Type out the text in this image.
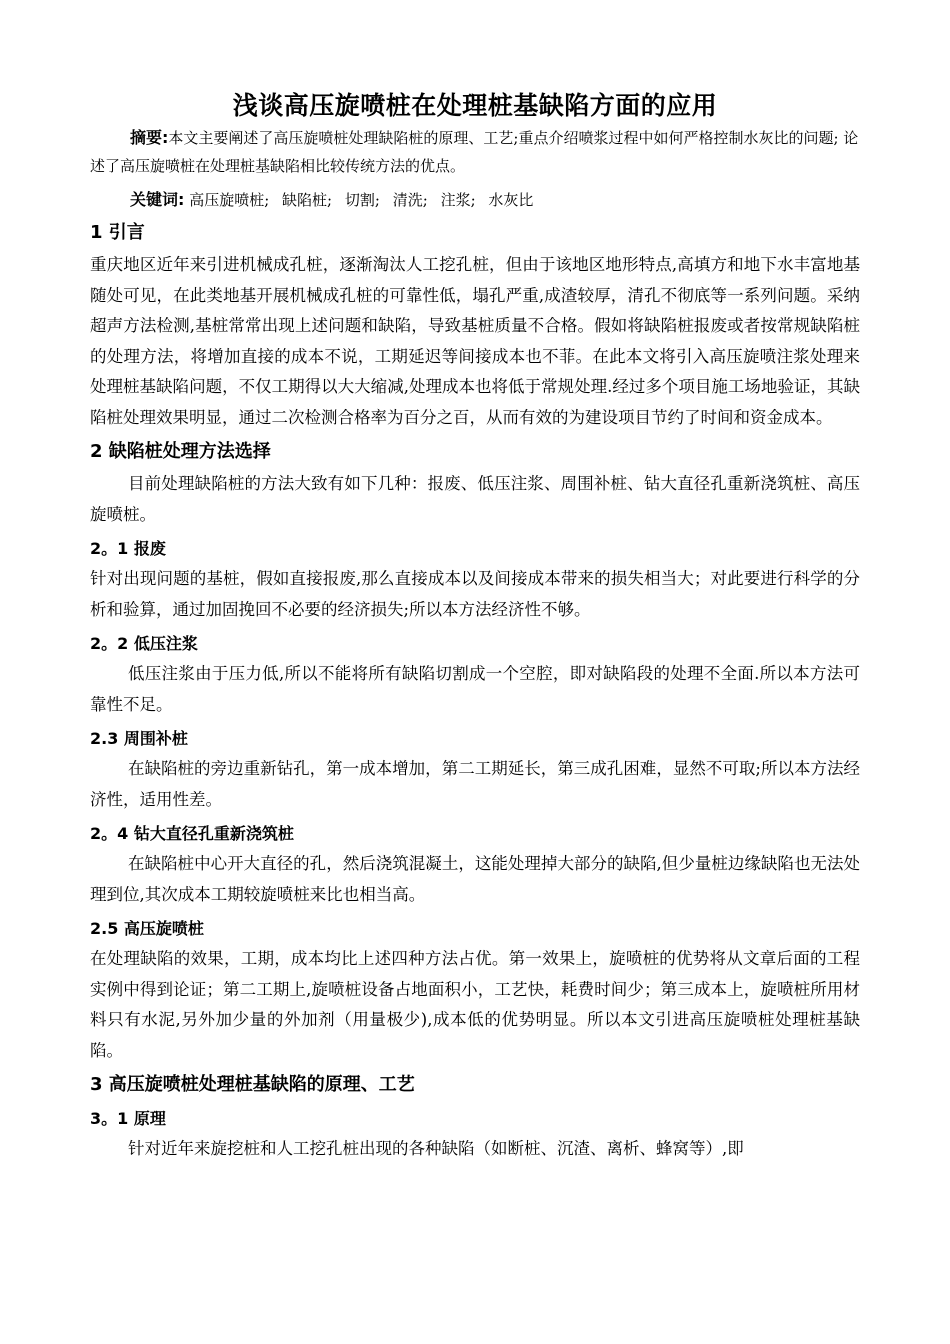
浅谈高压旋喷桩在处理桩基缺陷方面的应用

摘要:本文主要阐述了高压旋喷桩处理缺陷桩的原理、工艺;重点介绍喷浆过程中如何严格控制水灰比的问题; 论述了高压旋喷桩在处理桩基缺陷相比较传统方法的优点。

关键词: 高压旋喷桩; 缺陷桩; 切割; 清洗; 注浆; 水灰比
1 引言

重庆地区近年来引进机械成孔桩，逐渐淘汰人工挖孔桩，但由于该地区地形特点,高填方和地下水丰富地基随处可见，在此类地基开展机械成孔桩的可靠性低，塌孔严重,成渣较厚，清孔不彻底等一系列问题。采纳超声方法检测,基桩常常出现上述问题和缺陷，导致基桩质量不合格。假如将缺陷桩报废或者按常规缺陷桩的处理方法，将增加直接的成本不说，工期延迟等间接成本也不菲。在此本文将引入高压旋喷注浆处理来处理桩基缺陷问题，不仅工期得以大大缩减,处理成本也将低于常规处理.经过多个项目施工场地验证，其缺陷桩处理效果明显，通过二次检测合格率为百分之百，从而有效的为建设项目节约了时间和资金成本。

2 缺陷桩处理方法选择

目前处理缺陷桩的方法大致有如下几种：报废、低压注浆、周围补桩、钻大直径孔重新浇筑桩、高压旋喷桩。

2。1 报废

针对出现问题的基桩，假如直接报废,那么直接成本以及间接成本带来的损失相当大；对此要进行科学的分析和验算，通过加固挽回不必要的经济损失;所以本方法经济性不够。

2。2 低压注浆

低压注浆由于压力低,所以不能将所有缺陷切割成一个空腔，即对缺陷段的处理不全面.所以本方法可靠性不足。

2.3 周围补桩

在缺陷桩的旁边重新钻孔，第一成本增加，第二工期延长，第三成孔困难，显然不可取;所以本方法经济性，适用性差。

2。4 钻大直径孔重新浇筑桩

在缺陷桩中心开大直径的孔，然后浇筑混凝土，这能处理掉大部分的缺陷,但少量桩边缘缺陷也无法处理到位,其次成本工期较旋喷桩来比也相当高。

2.5 高压旋喷桩

在处理缺陷的效果，工期，成本均比上述四种方法占优。第一效果上，旋喷桩的优势将从文章后面的工程实例中得到论证；第二工期上,旋喷桩设备占地面积小，工艺快，耗费时间少；第三成本上，旋喷桩所用材料只有水泥,另外加少量的外加剂（用量极少),成本低的优势明显。所以本文引进高压旋喷桩处理桩基缺陷。

3 高压旋喷桩处理桩基缺陷的原理、工艺
3。1 原理

针对近年来旋挖桩和人工挖孔桩出现的各种缺陷（如断桩、沉渣、离析、蜂窝等）,即
